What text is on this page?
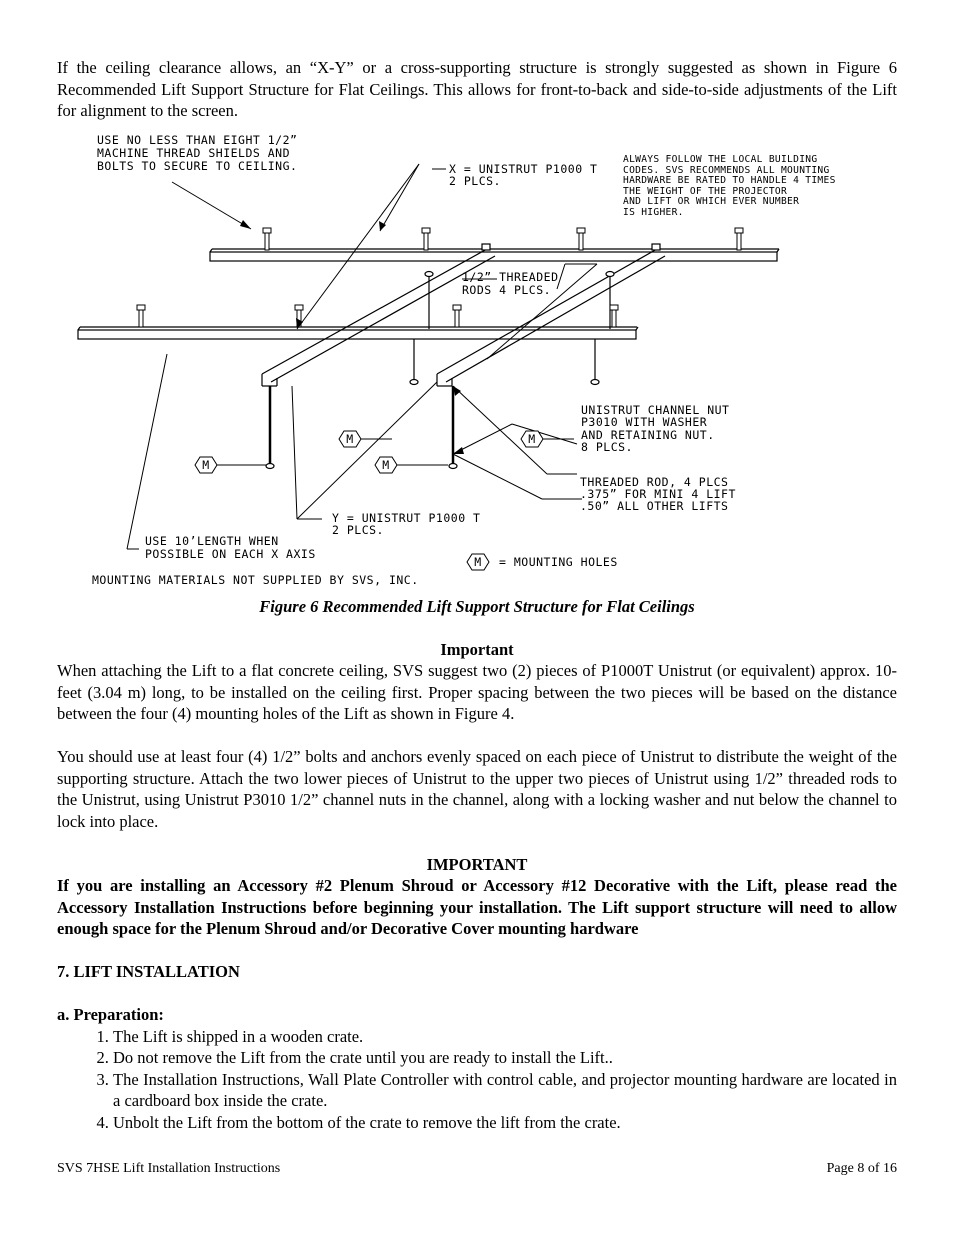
If the ceiling clearance allows, an “X-Y” or a cross-supporting structure is strongly suggested as shown in Figure 6 Recommended Lift Support Structure for Flat Ceilings. This allows for front-to-back and side-to-side adjustments of the Lift for alignment to the screen.

M	M
M	M
M
USE NO LESS THAN EIGHT 1/2”
MACHINE THREAD SHIELDS AND
BOLTS TO SECURE TO CEILING.	X = UNISTRUT P1000 T
2 PLCS.
ALWAYS FOLLOW THE LOCAL BUILDING
CODES. SVS RECOMMENDS ALL MOUNTING
HARDWARE BE RATED TO HANDLE 4 TIMES
THE WEIGHT OF THE PROJECTOR
AND LIFT OR WHICH EVER NUMBER
IS HIGHER.
1/2” THREADED
RODS 4 PLCS.
UNISTRUT CHANNEL NUT
P3010 WITH WASHER
AND RETAINING NUT.
8 PLCS.
THREADED ROD, 4 PLCS
.375” FOR MINI 4 LIFT
.50” ALL OTHER LIFTS
Y = UNISTRUT P1000 T
2 PLCS.
USE 10’LENGTH WHEN
POSSIBLE ON EACH X AXIS
= MOUNTING HOLES
MOUNTING MATERIALS NOT SUPPLIED BY SVS, INC.

Figure 6 Recommended Lift Support Structure for Flat Ceilings

Important

When attaching the Lift to a flat concrete ceiling, SVS suggest two (2) pieces of P1000T Unistrut (or equivalent) approx. 10-feet (3.04 m) long, to be installed on the ceiling first. Proper spacing between the two pieces will be based on the distance between the four (4) mounting holes of the Lift as shown in Figure 4.

You should use at least four (4) 1/2” bolts and anchors evenly spaced on each piece of Unistrut to distribute the weight of the supporting structure. Attach the two lower pieces of Unistrut to the upper two pieces of Unistrut using 1/2” threaded rods to the Unistrut, using Unistrut P3010 1/2” channel nuts in the channel, along with a locking washer and nut below the channel to lock into place.

IMPORTANT

If you are installing an Accessory #2 Plenum Shroud or Accessory #12 Decorative with the Lift, please read the Accessory Installation Instructions before beginning your installation. The Lift support structure will need to allow enough space for the Plenum Shroud and/or Decorative Cover mounting hardware

7. LIFT INSTALLATION

a. Preparation:

1. The Lift is shipped in a wooden crate.
2. Do not remove the Lift from the crate until you are ready to install the Lift..
3. The Installation Instructions, Wall Plate Controller with control cable, and projector mounting hardware are located in a cardboard box inside the crate.
4. Unbolt the Lift from the bottom of the crate to remove the lift from the crate.
SVS 7HSE Lift Installation Instructions	Page 8 of 16
